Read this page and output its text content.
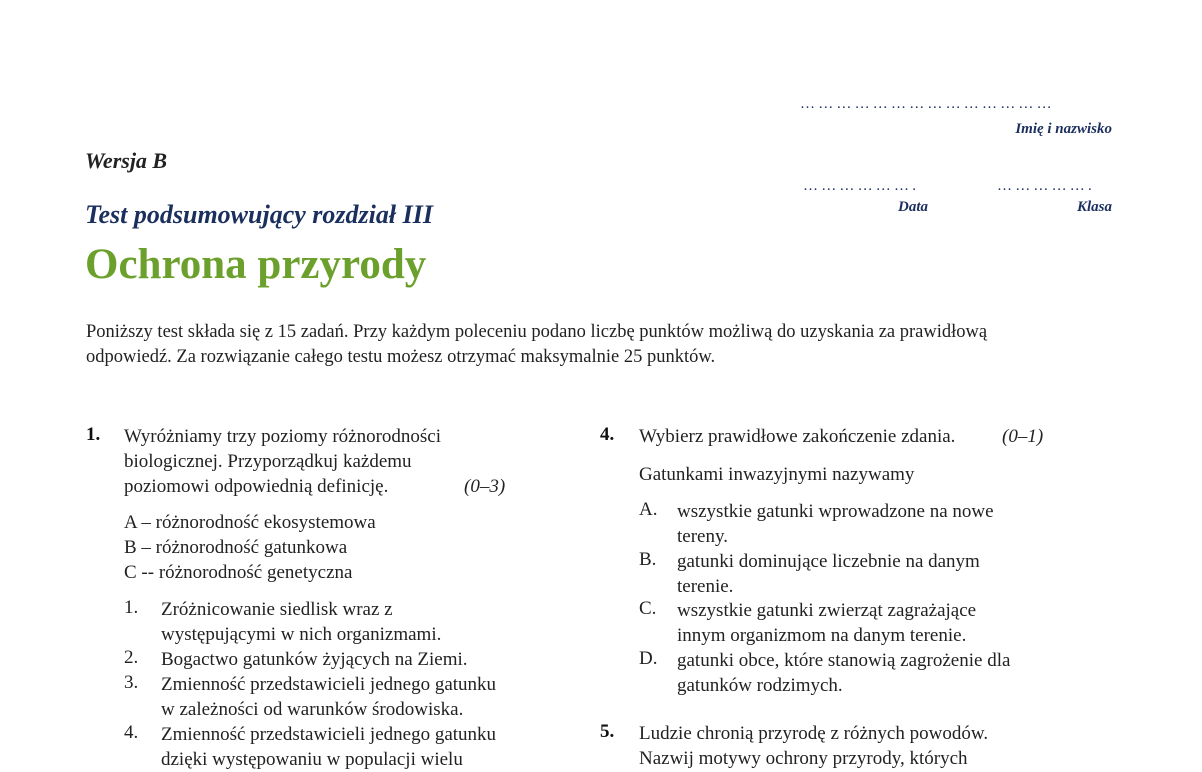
……………………………………
Imię i nazwisko
……………….
Data
…………….
Klasa
Wersja B
Test podsumowujący rozdział III
Ochrona przyrody
Poniższy test składa się z 15 zadań. Przy każdym poleceniu podano liczbę punktów możliwą do uzyskania za prawidłową odpowiedź. Za rozwiązanie całego testu możesz otrzymać maksymalnie 25 punktów.
1. Wyróżniamy trzy poziomy różnorodności
biologicznej. Przyporządkuj każdemu
poziomowi odpowiednią definicję.	(0–3)
A – różnorodność ekosystemowa
B – różnorodność gatunkowa
C -- różnorodność genetyczna
1. Zróżnicowanie siedlisk wraz z
występującymi w nich organizmami.
2. Bogactwo gatunków żyjących na Ziemi.
3. Zmienność przedstawicieli jednego gatunku
w zależności od warunków środowiska.
4. Zmienność przedstawicieli jednego gatunku
dzięki występowaniu w populacji wielu
4. Wybierz prawidłowe zakończenie zdania. (0–1)
Gatunkami inwazyjnymi nazywamy
A. wszystkie gatunki wprowadzone na nowe
tereny.
B. gatunki dominujące liczebnie na danym
terenie.
C. wszystkie gatunki zwierząt zagrażające
innym organizmom na danym terenie.
D. gatunki obce, które stanowią zagrożenie dla
gatunków rodzimych.
5. Ludzie chronią przyrodę z różnych powodów.
Nazwij motywy ochrony przyrody, których
